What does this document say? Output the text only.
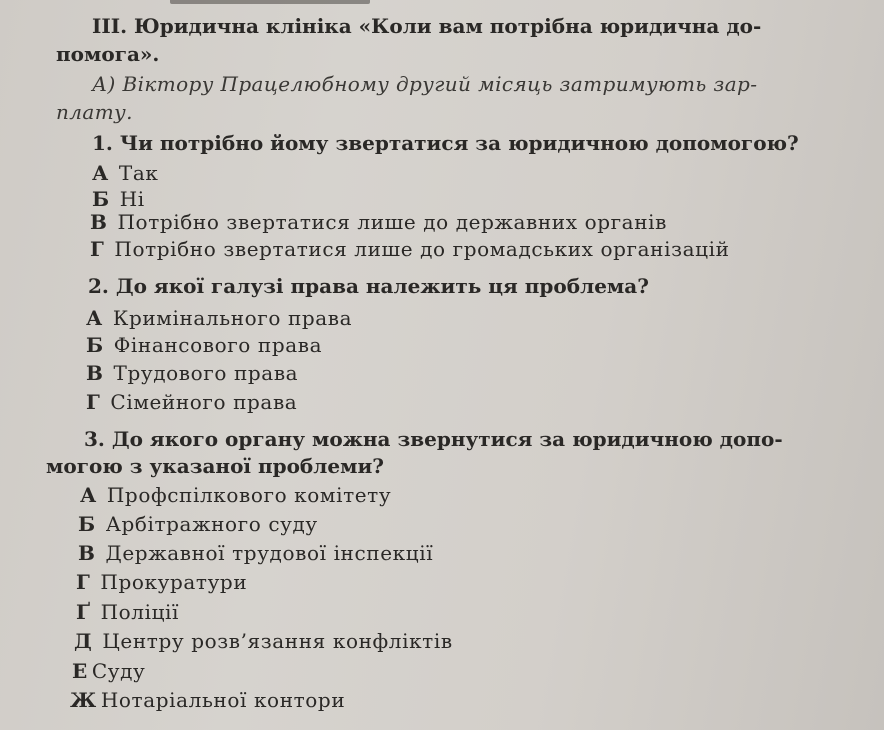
III. Юридична клініка «Коли вам потрібна юридична до-
помога».
А) Віктору Працелюбному другий місяць затримують зар-
плату.
1. Чи потрібно йому звертатися за юридичною допомогою?
А Так
Б Ні
В Потрібно звертатися лише до державних органів
Г Потрібно звертатися лише до громадських організацій
2. До якої галузі права належить ця проблема?
А Кримінального права
Б Фінансового права
В Трудового права
Г Сімейного права
3. До якого органу можна звернутися за юридичною допо-
могою з указаної проблеми?
А Профспілкового комітету
Б Арбітражного суду
В Державної трудової інспекції
Г Прокуратури
Ґ Поліції
Д Центру розв’язання конфліктів
Е Суду
Ж Нотаріальної контори
